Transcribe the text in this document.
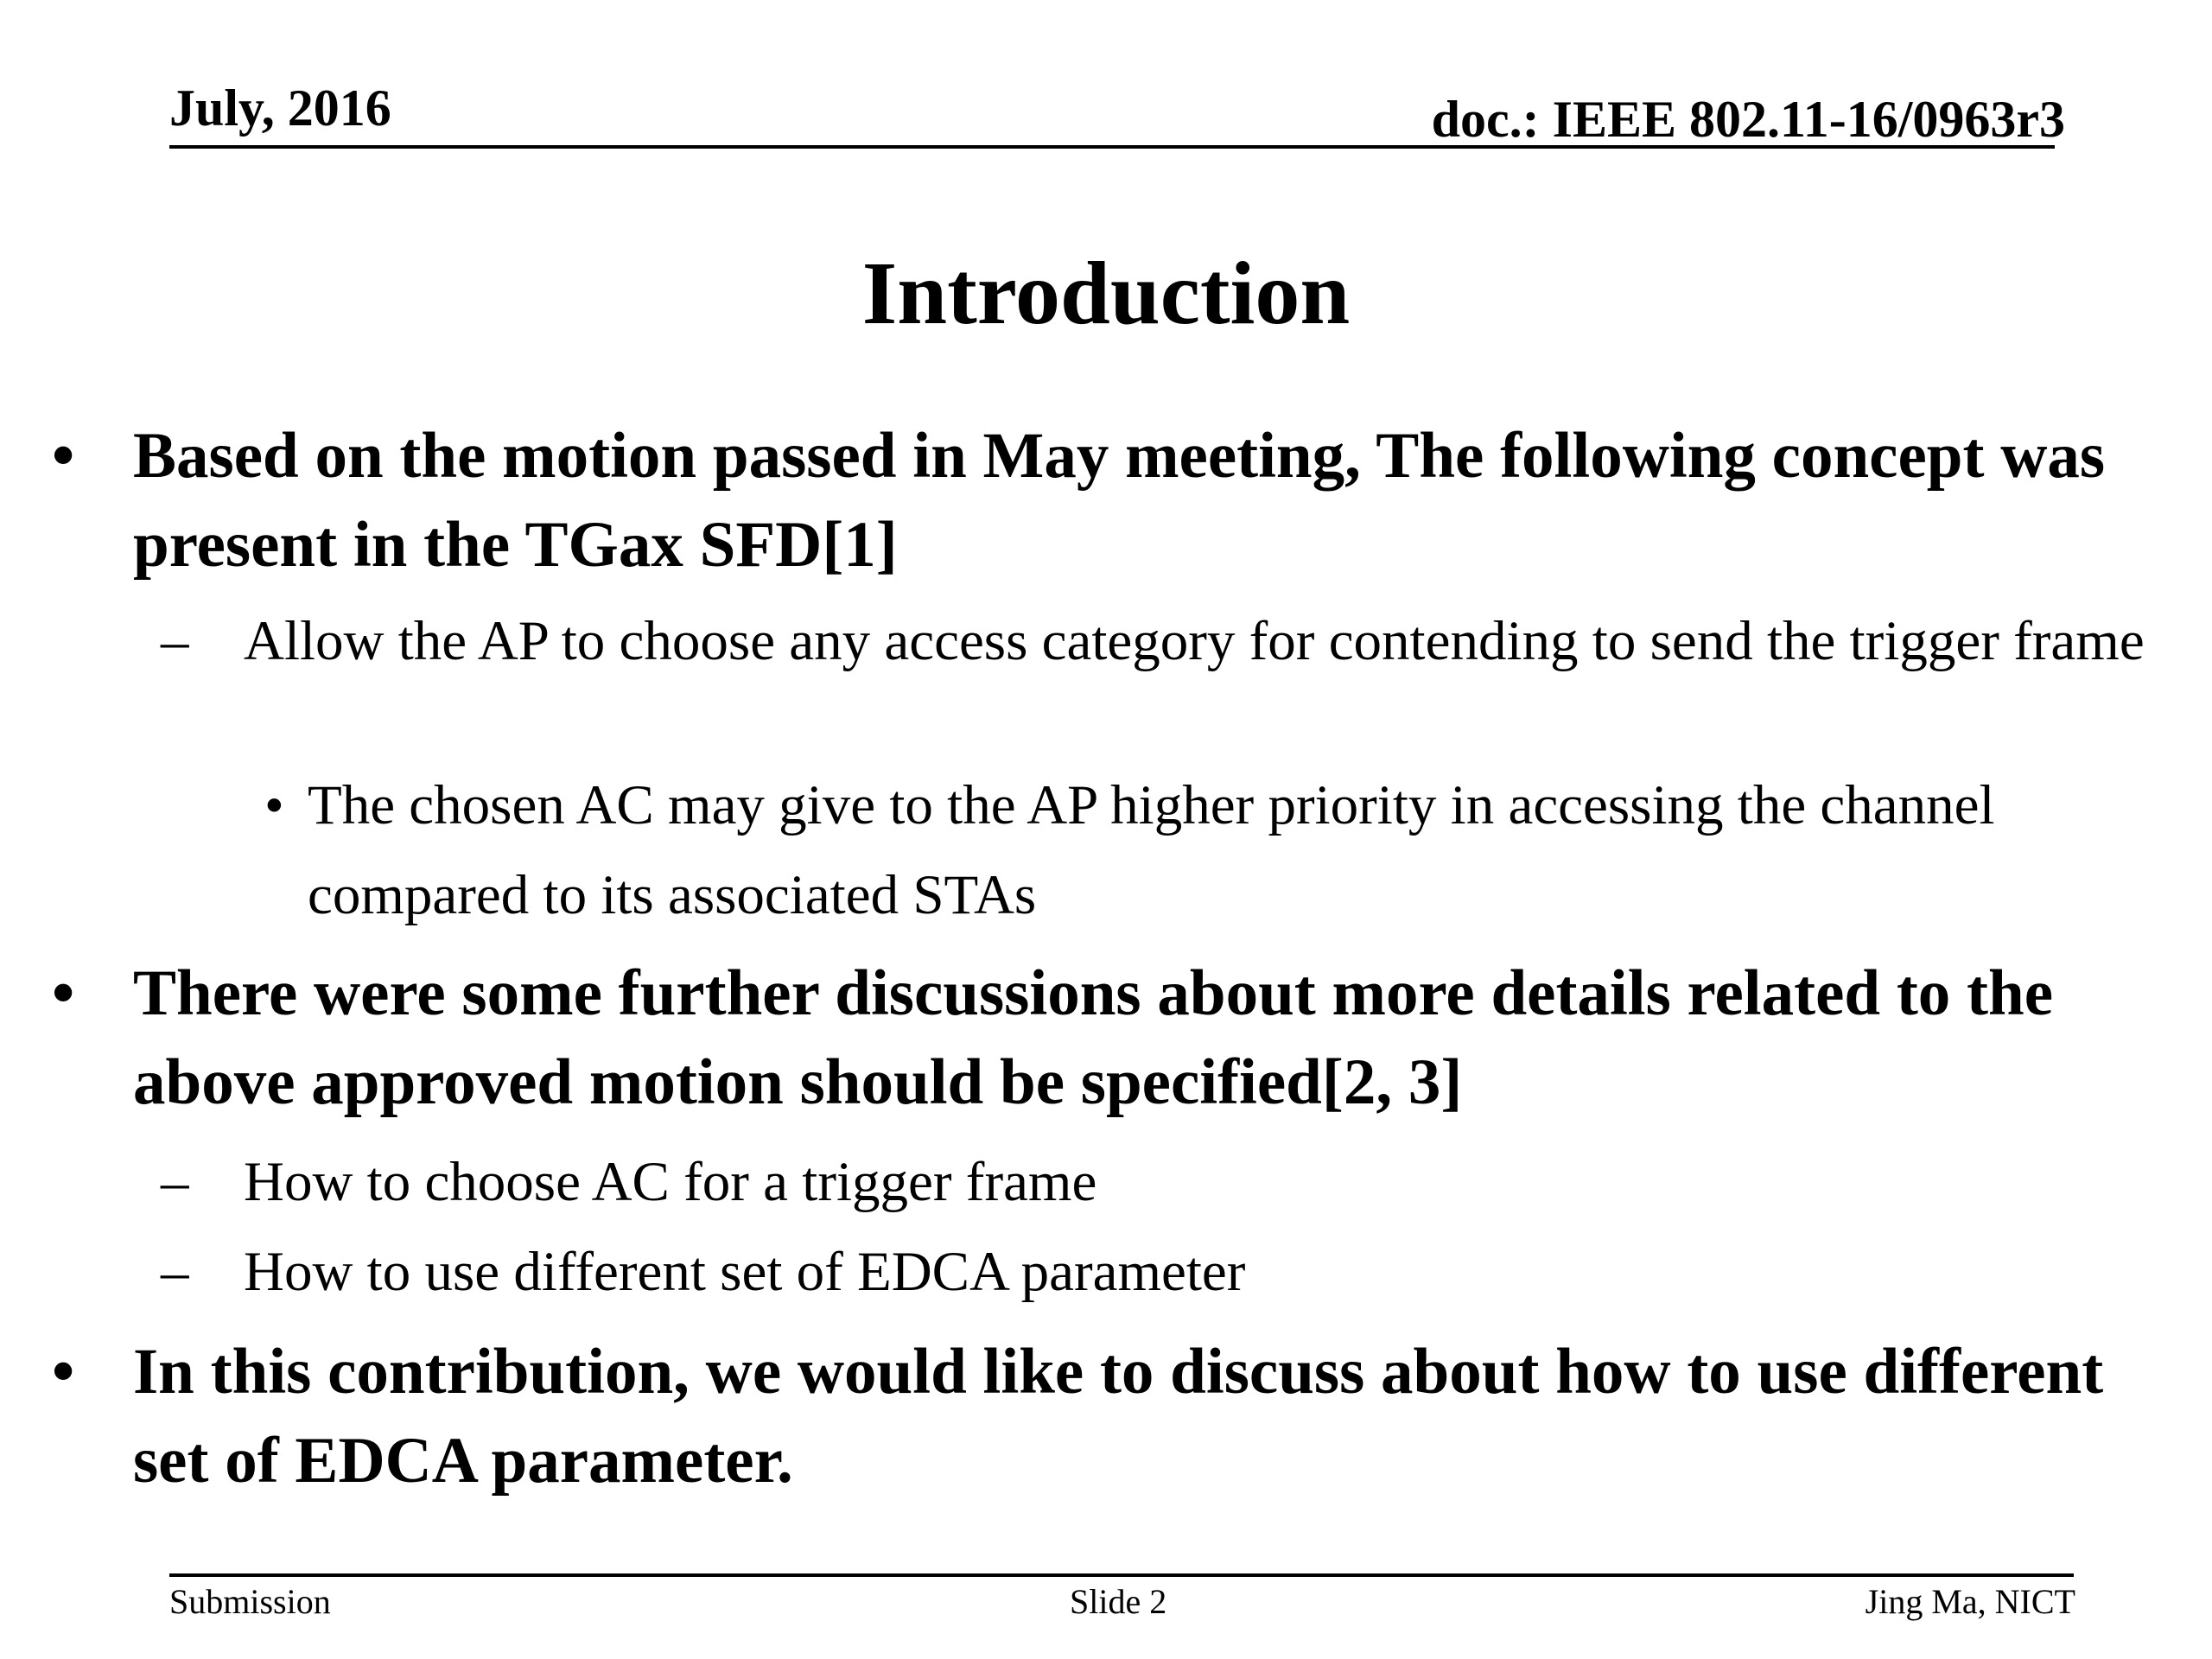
July, 2016	doc.: IEEE 802.11-16/0963r3
Introduction
• Based on the motion passed in May meeting, The following concept was present in the TGax SFD[1]
– Allow the AP to choose any access category for contending to send the trigger frame
• The chosen AC may give to the AP higher priority in accessing the channel compared to its associated STAs
• There were some further discussions about more details related to the above approved motion should be specified[2, 3]
– How to choose AC for a trigger frame
– How to use different set of EDCA parameter
• In this contribution, we would like to discuss about how to use different set of EDCA parameter.
Submission	Slide 2	Jing Ma, NICT
